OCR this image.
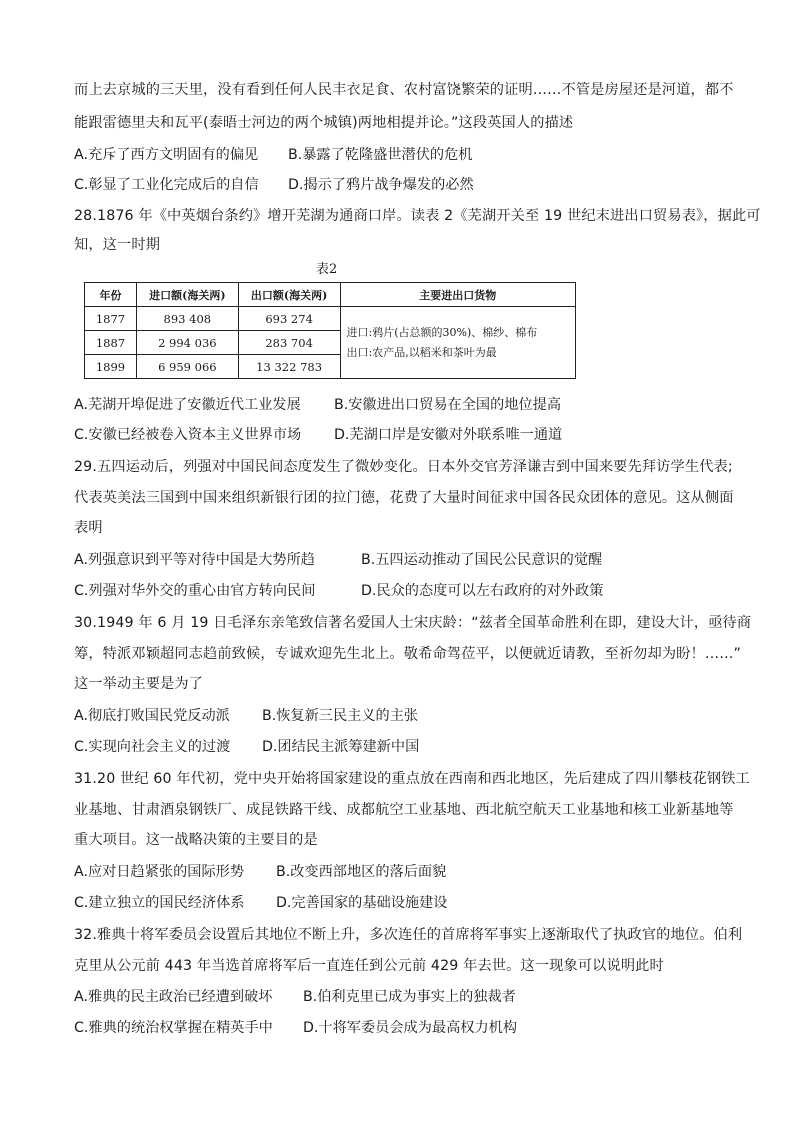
而上去京城的三天里，没有看到任何人民丰衣足食、农村富饶繁荣的证明……不管是房屋还是河道，都不
能跟雷德里夫和瓦平(泰晤士河边的两个城镇)两地相提并论。”这段英国人的描述
A.充斥了西方文明固有的偏见 B.暴露了乾隆盛世潜伏的危机
C.彰显了工业化完成后的自信 D.揭示了鸦片战争爆发的必然
28.1876 年《中英烟台条约》增开芜湖为通商口岸。读表 2《芜湖开关至 19 世纪末进出口贸易表》，据此可
知，这一时期
表2
年份	进口额(海关两)	出口额(海关两)	主要进出口货物
1877	893 408	693 274	进口:鸦片(占总额的30%)、棉纱、棉布
出口:农产品,以稻米和茶叶为最

1887	2 994 036	283 704	
1899	6 959 066	13 322 783	
A.芜湖开埠促进了安徽近代工业发展 B.安徽进出口贸易在全国的地位提高
C.安徽已经被卷入资本主义世界市场 D.芜湖口岸是安徽对外联系唯一通道
29.五四运动后，列强对中国民间态度发生了微妙变化。日本外交官芳泽谦吉到中国来要先拜访学生代表;
代表英美法三国到中国来组织新银行团的拉门德，花费了大量时间征求中国各民众团体的意见。这从侧面
表明
A.列强意识到平等对待中国是大势所趋	B.五四运动推动了国民公民意识的觉醒
C.列强对华外交的重心由官方转向民间	D.民众的态度可以左右政府的对外政策
30.1949 年 6 月 19 日毛泽东亲笔致信著名爱国人士宋庆龄：“兹者全国革命胜利在即，建设大计，亟待商
筹，特派邓颖超同志趋前致候，专诚欢迎先生北上。敬希命驾莅平，以便就近请教，至祈勿却为盼！……”
这一举动主要是为了
A.彻底打败国民党反动派 B.恢复新三民主义的主张
C.实现向社会主义的过渡 D.团结民主派筹建新中国
31.20 世纪 60 年代初，党中央开始将国家建设的重点放在西南和西北地区，先后建成了四川攀枝花钢铁工
业基地、甘肃酒泉钢铁厂、成昆铁路干线、成都航空工业基地、西北航空航天工业基地和核工业新基地等
重大项目。这一战略决策的主要目的是
A.应对日趋紧张的国际形势 B.改变西部地区的落后面貌
C.建立独立的国民经济体系 D.完善国家的基础设施建设
32.雅典十将军委员会设置后其地位不断上升，多次连任的首席将军事实上逐渐取代了执政官的地位。伯利
克里从公元前 443 年当选首席将军后一直连任到公元前 429 年去世。这一现象可以说明此时
A.雅典的民主政治已经遭到破坏 B.伯利克里已成为事实上的独裁者
C.雅典的统治权掌握在精英手中 D.十将军委员会成为最高权力机构
